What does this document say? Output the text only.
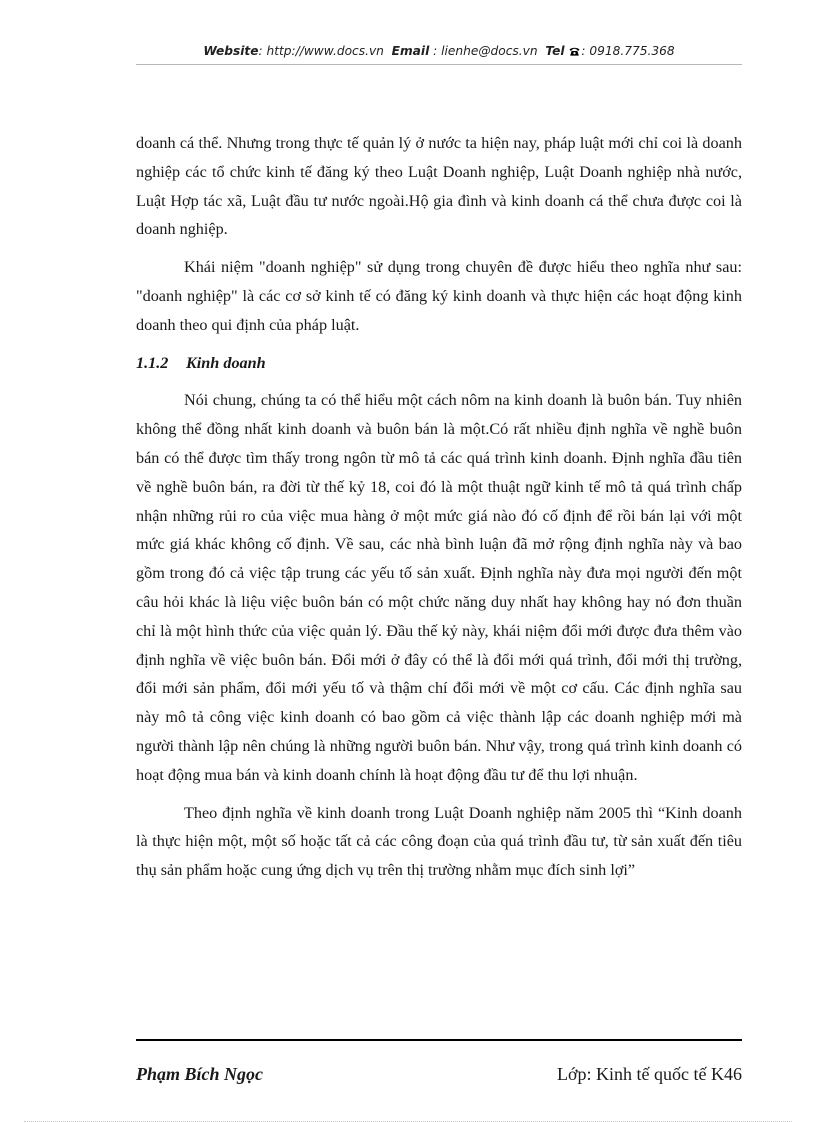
Website: http://www.docs.vn Email : lienhe@docs.vn Tel : 0918.775.368

doanh cá thể. Nhưng trong thực tế quản lý ở nước ta hiện nay, pháp luật mới chỉ coi là doanh nghiệp các tổ chức kinh tế đăng ký theo Luật Doanh nghiệp, Luật Doanh nghiệp nhà nước, Luật Hợp tác xã, Luật đầu tư nước ngoài.Hộ gia đình và kinh doanh cá thể chưa được coi là doanh nghiệp.

Khái niệm "doanh nghiệp" sử dụng trong chuyên đề được hiểu theo nghĩa như sau: "doanh nghiệp" là các cơ sở kinh tế có đăng ký kinh doanh và thực hiện các hoạt động kinh doanh theo qui định của pháp luật.

1.1.2 Kinh doanh

Nói chung, chúng ta có thể hiểu một cách nôm na kinh doanh là buôn bán. Tuy nhiên không thể đồng nhất kinh doanh và buôn bán là một.Có rất nhiều định nghĩa về nghề buôn bán có thể được tìm thấy trong ngôn từ mô tả các quá trình kinh doanh. Định nghĩa đầu tiên về nghề buôn bán, ra đời từ thế kỷ 18, coi đó là một thuật ngữ kinh tế mô tả quá trình chấp nhận những rủi ro của việc mua hàng ở một mức giá nào đó cố định để rồi bán lại với một mức giá khác không cố định. Về sau, các nhà bình luận đã mở rộng định nghĩa này và bao gồm trong đó cả việc tập trung các yếu tố sản xuất. Định nghĩa này đưa mọi người đến một câu hỏi khác là liệu việc buôn bán có một chức năng duy nhất hay không hay nó đơn thuần chỉ là một hình thức của việc quản lý. Đầu thế kỷ này, khái niệm đổi mới được đưa thêm vào định nghĩa về việc buôn bán. Đổi mới ở đây có thể là đổi mới quá trình, đổi mới thị trường, đổi mới sản phẩm, đổi mới yếu tố và thậm chí đổi mới về một cơ cấu. Các định nghĩa sau này mô tả công việc kinh doanh có bao gồm cả việc thành lập các doanh nghiệp mới mà người thành lập nên chúng là những người buôn bán. Như vậy, trong quá trình kinh doanh có hoạt động mua bán và kinh doanh chính là hoạt động đầu tư để thu lợi nhuận.

Theo định nghĩa về kinh doanh trong Luật Doanh nghiệp năm 2005 thì “Kinh doanh là thực hiện một, một số hoặc tất cả các công đoạn của quá trình đầu tư, từ sản xuất đến tiêu thụ sản phẩm hoặc cung ứng dịch vụ trên thị trường nhằm mục đích sinh lợi”

Phạm Bích Ngọc	Lớp: Kinh tế quốc tế K46
